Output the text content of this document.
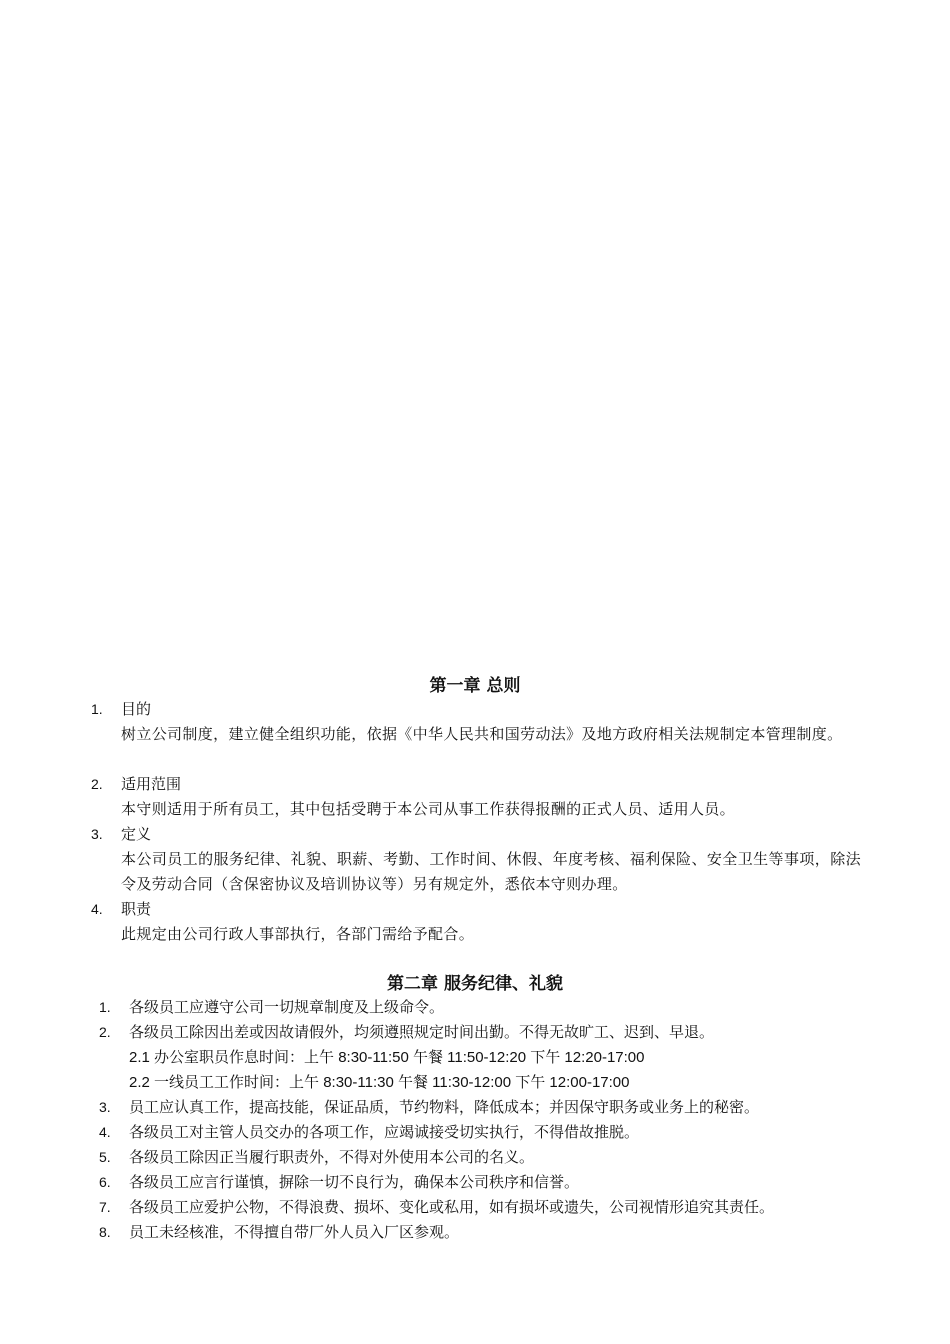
第一章 总则
1. 目的
树立公司制度，建立健全组织功能，依据《中华人民共和国劳动法》及地方政府相关法规制定本管理制度。
2. 适用范围
本守则适用于所有员工，其中包括受聘于本公司从事工作获得报酬的正式人员、适用人员。
3. 定义
本公司员工的服务纪律、礼貌、职薪、考勤、工作时间、休假、年度考核、福利保险、安全卫生等事项，除法令及劳动合同（含保密协议及培训协议等）另有规定外，悉依本守则办理。
4. 职责
此规定由公司行政人事部执行，各部门需给予配合。
第二章 服务纪律、礼貌
1. 各级员工应遵守公司一切规章制度及上级命令。
2. 各级员工除因出差或因故请假外，均须遵照规定时间出勤。不得无故旷工、迟到、早退。
2.1 办公室职员作息时间：上午 8:30-11:50 午餐 11:50-12:20 下午 12:20-17:00
2.2 一线员工工作时间：上午 8:30-11:30 午餐 11:30-12:00 下午 12:00-17:00
3. 员工应认真工作，提高技能，保证品质，节约物料，降低成本；并因保守职务或业务上的秘密。
4. 各级员工对主管人员交办的各项工作，应竭诚接受切实执行，不得借故推脱。
5. 各级员工除因正当履行职责外，不得对外使用本公司的名义。
6. 各级员工应言行谨慎，摒除一切不良行为，确保本公司秩序和信誉。
7. 各级员工应爱护公物，不得浪费、损坏、变化或私用，如有损坏或遗失，公司视情形追究其责任。
8. 员工未经核准，不得擅自带厂外人员入厂区参观。
